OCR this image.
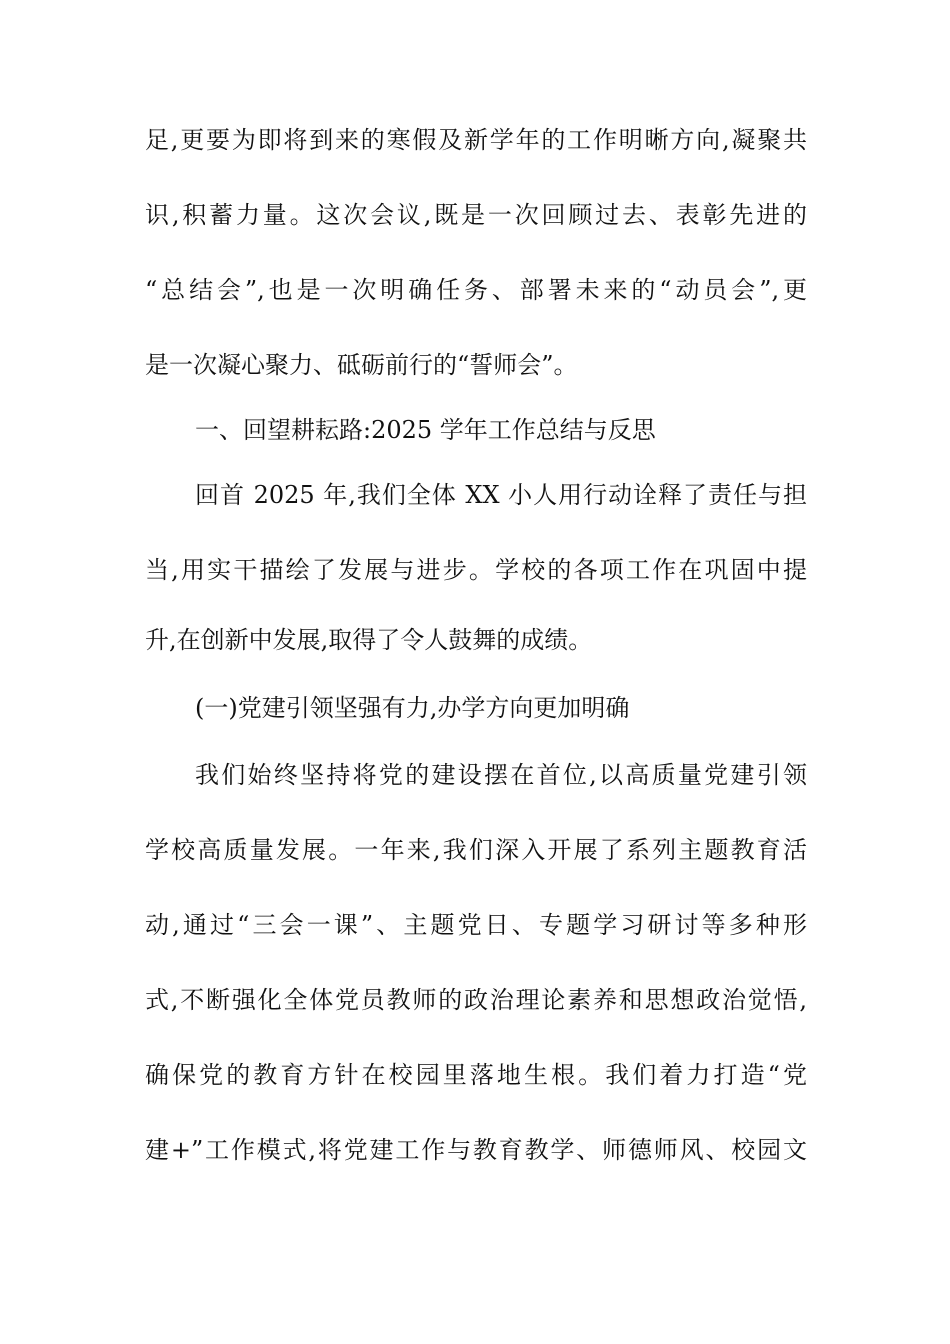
足,更要为即将到来的寒假及新学年的工作明晰方向,凝聚共
识,积蓄力量。这次会议,既是一次回顾过去、表彰先进的
“总结会”,也是一次明确任务、部署未来的“动员会”,更
是一次凝心聚力、砥砺前行的“誓师会”。
一、回望耕耘路:2025 学年工作总结与反思
回首 2025 年,我们全体 XX 小人用行动诠释了责任与担
当,用实干描绘了发展与进步。学校的各项工作在巩固中提
升,在创新中发展,取得了令人鼓舞的成绩。
(一)党建引领坚强有力,办学方向更加明确
我们始终坚持将党的建设摆在首位,以高质量党建引领
学校高质量发展。一年来,我们深入开展了系列主题教育活
动,通过“三会一课”、主题党日、专题学习研讨等多种形
式,不断强化全体党员教师的政治理论素养和思想政治觉悟,
确保党的教育方针在校园里落地生根。我们着力打造“党
建+”工作模式,将党建工作与教育教学、师德师风、校园文
